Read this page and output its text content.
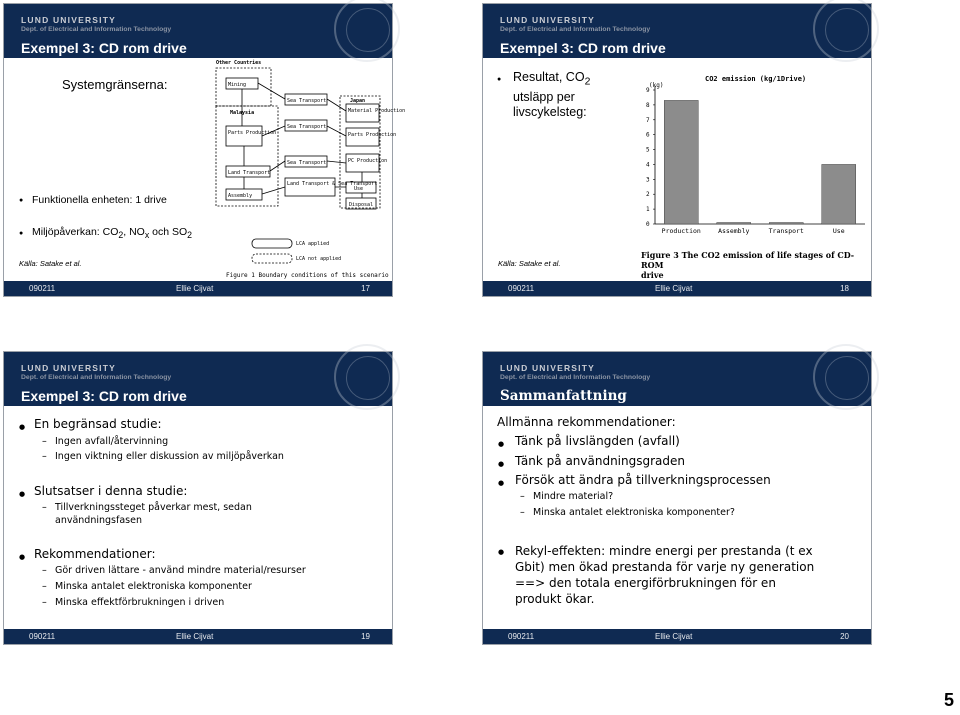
LUND UNIVERSITY
Dept. of Electrical and Information Technology
Exempel 3: CD rom drive
Systemgränserna:
● Funktionella enheten: 1 drive
● Miljöpåverkan: $CO_2$, $NO_x$ och $SO_2$
Källa: Satake et al.
Other Countries
Mining
Malaysia
Parts Production
Land Transport
Assembly
Sea Transport
Sea Transport
Sea Transport
Land Transport & Sea Transport
Japan
Material Production
Parts Production
PC Production
Use
Disposal
LCA applied
LCA not applied
Figure 1 Boundary conditions of this scenario
090211	Ellie Cijvat	17
LUND UNIVERSITY
Dept. of Electrical and Information Technology
Exempel 3: CD rom drive
● Resultat, $CO_2$ utsläpp per livscykelsteg:
Källa: Satake et al.
CO2 emission (kg/1Drive)
(kg)
0
1
2
3
4
5
6
7
8
9
Production	Assembly	Transport	Use
Figure 3 The CO2 emission of life stages of CD-ROM
drive
090211	Ellie Cijvat	18
LUND UNIVERSITY
Dept. of Electrical and Information Technology
Exempel 3: CD rom drive
● En begränsad studie:
– Ingen avfall/återvinning
– Ingen viktning eller diskussion av miljöpåverkan
● Slutsatser i denna studie:
– Tillverkningssteget påverkar mest, sedan
användningsfasen
● Rekommendationer:
– Gör driven lättare - använd mindre material/resurser
– Minska antalet elektroniska komponenter
– Minska effektförbrukningen i driven
090211	Ellie Cijvat	19
LUND UNIVERSITY
Dept. of Electrical and Information Technology
Sammanfattning
Allmänna rekommendationer:
● Tänk på livslängden (avfall)
● Tänk på användningsgraden
● Försök att ändra på tillverkningsprocessen
– Mindre material?
– Minska antalet elektroniska komponenter?
● Rekyl-effekten: mindre energi per prestanda (t ex
Gbit) men ökad prestanda för varje ny generation
==> den totala energiförbrukningen för en
produkt ökar.
090211	Ellie Cijvat	20
5
